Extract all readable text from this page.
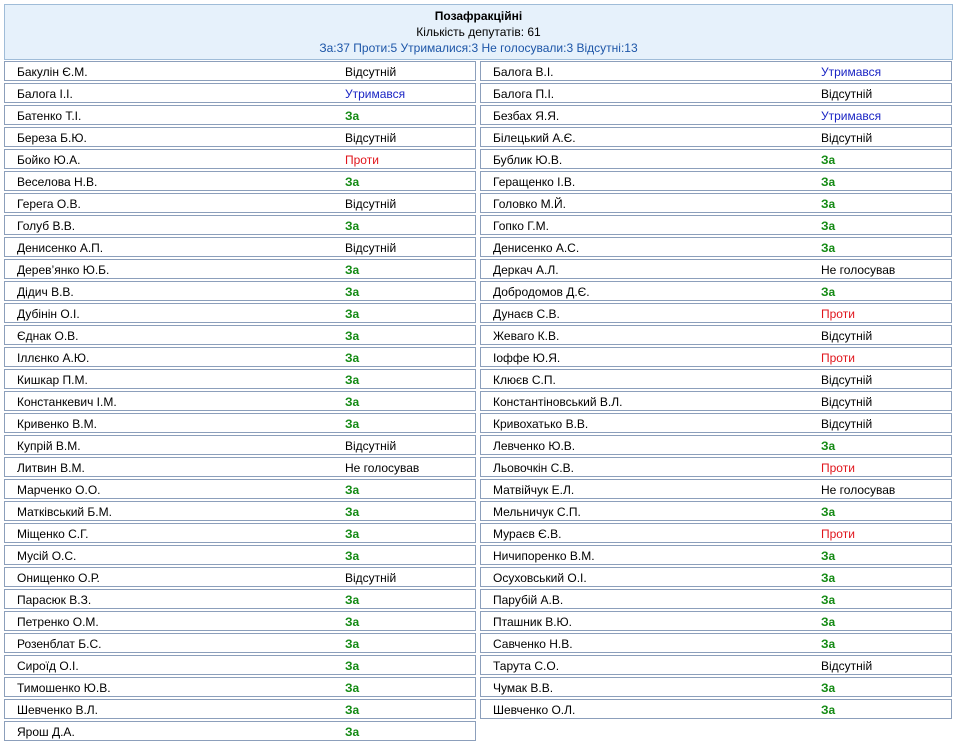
Позафракційні
Кількість депутатів: 61
За:37 Проти:5 Утрималися:3 Не голосували:3 Відсутні:13
Бакулін Є.М.	Відсутній
Балога І.І.	Утримався
Батенко Т.І.	За
Береза Б.Ю.	Відсутній
Бойко Ю.А.	Проти
Веселова Н.В.	За
Герега О.В.	Відсутній
Голуб В.В.	За
Денисенко А.П.	Відсутній
Дерев’янко Ю.Б.	За
Дідич В.В.	За
Дубінін О.І.	За
Єднак О.В.	За
Іллєнко А.Ю.	За
Кишкар П.М.	За
Констанкевич І.М.	За
Кривенко В.М.	За
Купрій В.М.	Відсутній
Литвин В.М.	Не голосував
Марченко О.О.	За
Матківський Б.М.	За
Міщенко С.Г.	За
Мусій О.С.	За
Онищенко О.Р.	Відсутній
Парасюк В.З.	За
Петренко О.М.	За
Розенблат Б.С.	За
Сироїд О.І.	За
Тимошенко Ю.В.	За
Шевченко В.Л.	За
Ярош Д.А.	За
Балога В.І.	Утримався
Балога П.І.	Відсутній
Безбах Я.Я.	Утримався
Білецький А.Є.	Відсутній
Бублик Ю.В.	За
Геращенко І.В.	За
Головко М.Й.	За
Гопко Г.М.	За
Денисенко А.С.	За
Деркач А.Л.	Не голосував
Добродомов Д.Є.	За
Дунаєв С.В.	Проти
Жеваго К.В.	Відсутній
Іоффе Ю.Я.	Проти
Клюєв С.П.	Відсутній
Константіновський В.Л.	Відсутній
Кривохатько В.В.	Відсутній
Левченко Ю.В.	За
Льовочкін С.В.	Проти
Матвійчук Е.Л.	Не голосував
Мельничук С.П.	За
Мураєв Є.В.	Проти
Ничипоренко В.М.	За
Осуховський О.І.	За
Парубій А.В.	За
Пташник В.Ю.	За
Савченко Н.В.	За
Тарута С.О.	Відсутній
Чумак В.В.	За
Шевченко О.Л.	За
